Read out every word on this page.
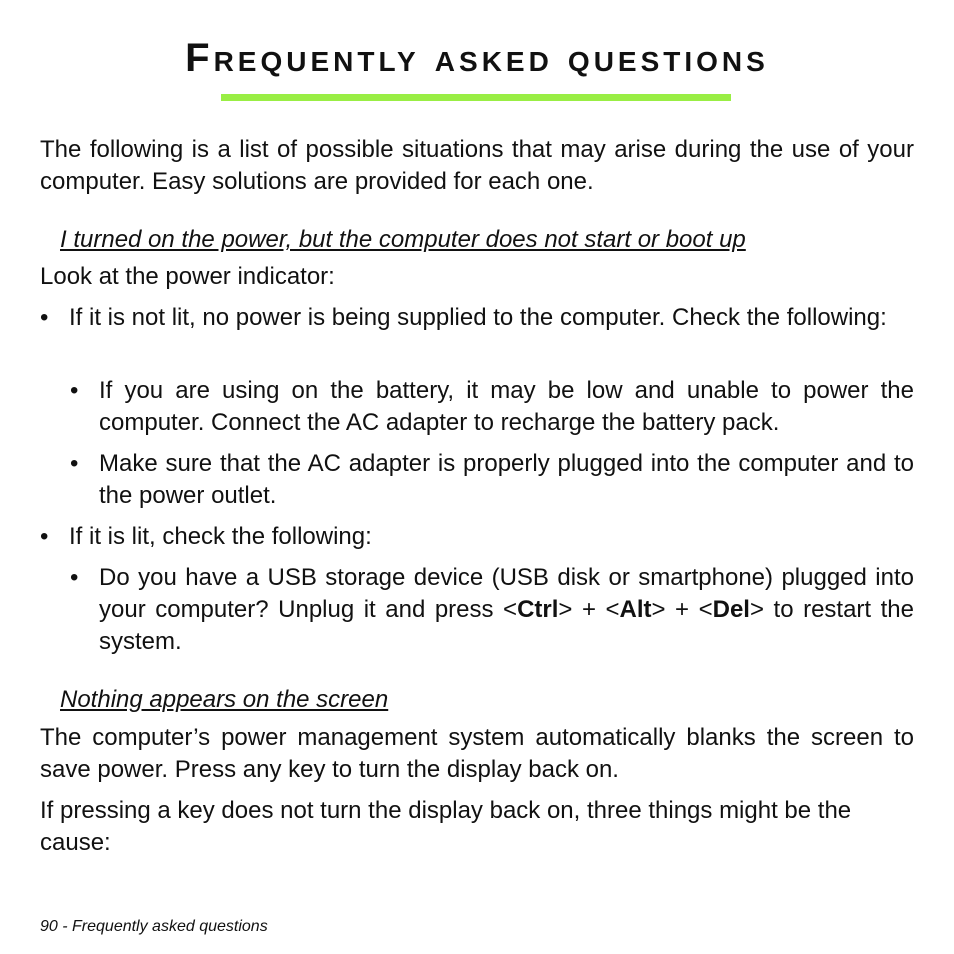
Frequently asked questions

The following is a list of possible situations that may arise during the use of your computer. Easy solutions are provided for each one.

I turned on the power, but the computer does not start or boot up

Look at the power indicator:

• If it is not lit, no power is being supplied to the computer. Check the following:
• If you are using on the battery, it may be low and unable to power the computer. Connect the AC adapter to recharge the battery pack.
• Make sure that the AC adapter is properly plugged into the computer and to the power outlet.
• If it is lit, check the following:
• Do you have a USB storage device (USB disk or smartphone) plugged into your computer? Unplug it and press <Ctrl> + <Alt> + <Del> to restart the system.

Nothing appears on the screen

The computer’s power management system automatically blanks the screen to save power. Press any key to turn the display back on.

If pressing a key does not turn the display back on, three things might be the cause:

90 - Frequently asked questions
